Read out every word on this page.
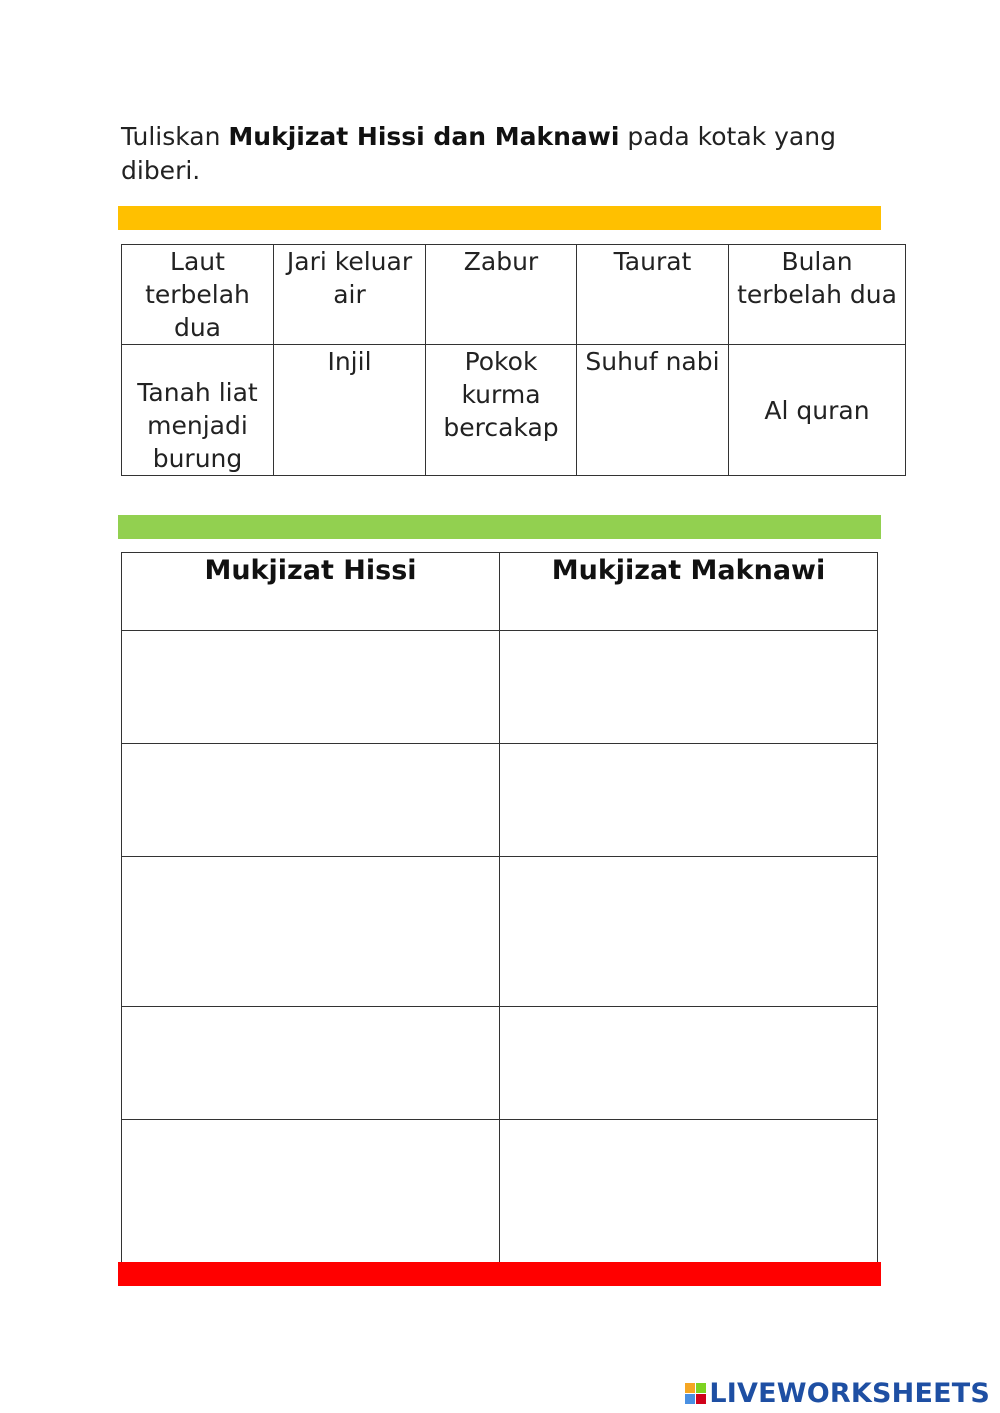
Tuliskan Mukjizat Hissi dan Maknawi pada kotak yang diberi.
Laut terbelah dua	Jari keluar air	Zabur	Taurat	Bulan terbelah dua
Tanah liat menjadi burung	Injil	Pokok kurma bercakap	Suhuf nabi	Al quran
Mukjizat Hissi	Mukjizat Maknawi

LIVEWORKSHEETS
